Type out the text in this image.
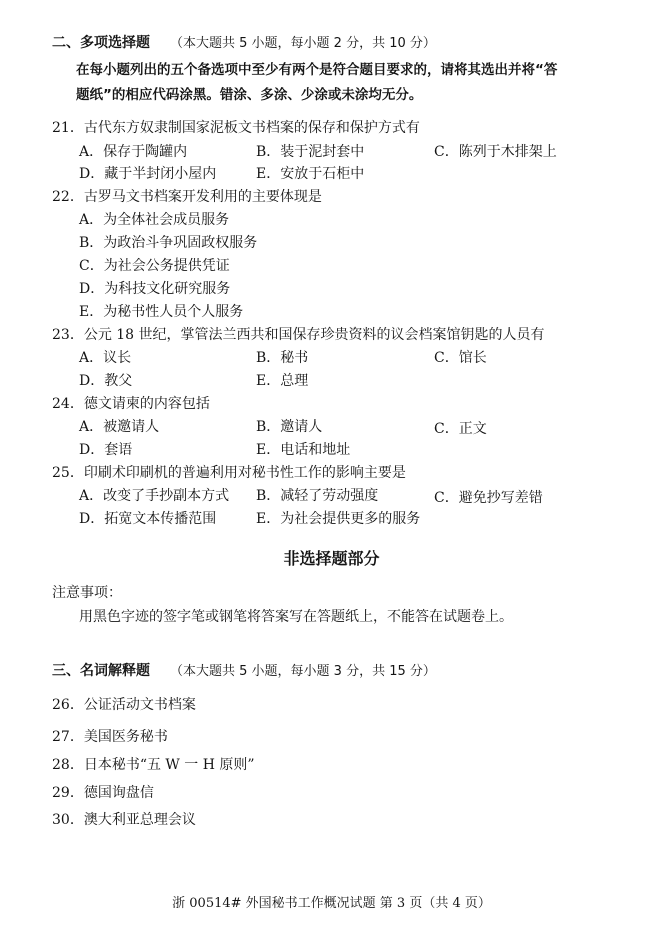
二、多项选择题 （本大题共 5 小题，每小题 2 分，共 10 分）
在每小题列出的五个备选项中至少有两个是符合题目要求的，请将其选出并将“答
题纸”的相应代码涂黑。错涂、多涂、少涂或未涂均无分。
21．古代东方奴隶制国家泥板文书档案的保存和保护方式有
A．保存于陶罐内	B．装于泥封套中	C．陈列于木排架上
D．藏于半封闭小屋内	E．安放于石柜中
22．古罗马文书档案开发利用的主要体现是
A．为全体社会成员服务
B．为政治斗争巩固政权服务
C．为社会公务提供凭证
D．为科技文化研究服务
E．为秘书性人员个人服务
23．公元 18 世纪，掌管法兰西共和国保存珍贵资料的议会档案馆钥匙的人员有
A．议长	B．秘书	C．馆长
D．教父	E．总理
24．德文请柬的内容包括
A．被邀请人	B．邀请人	C．正文
D．套语	E．电话和地址
25．印刷术印刷机的普遍利用对秘书性工作的影响主要是
A．改变了手抄副本方式 B．减轻了劳动强度	C．避免抄写差错
D．拓宽文本传播范围	E．为社会提供更多的服务
非选择题部分
注意事项：
用黑色字迹的签字笔或钢笔将答案写在答题纸上，不能答在试题卷上。
三、名词解释题 （本大题共 5 小题，每小题 3 分，共 15 分）
26．公证活动文书档案
27．美国医务秘书
28．日本秘书“五 W 一 H 原则”
29．德国询盘信
30．澳大利亚总理会议
浙 00514# 外国秘书工作概况试题 第 3 页（共 4 页）
